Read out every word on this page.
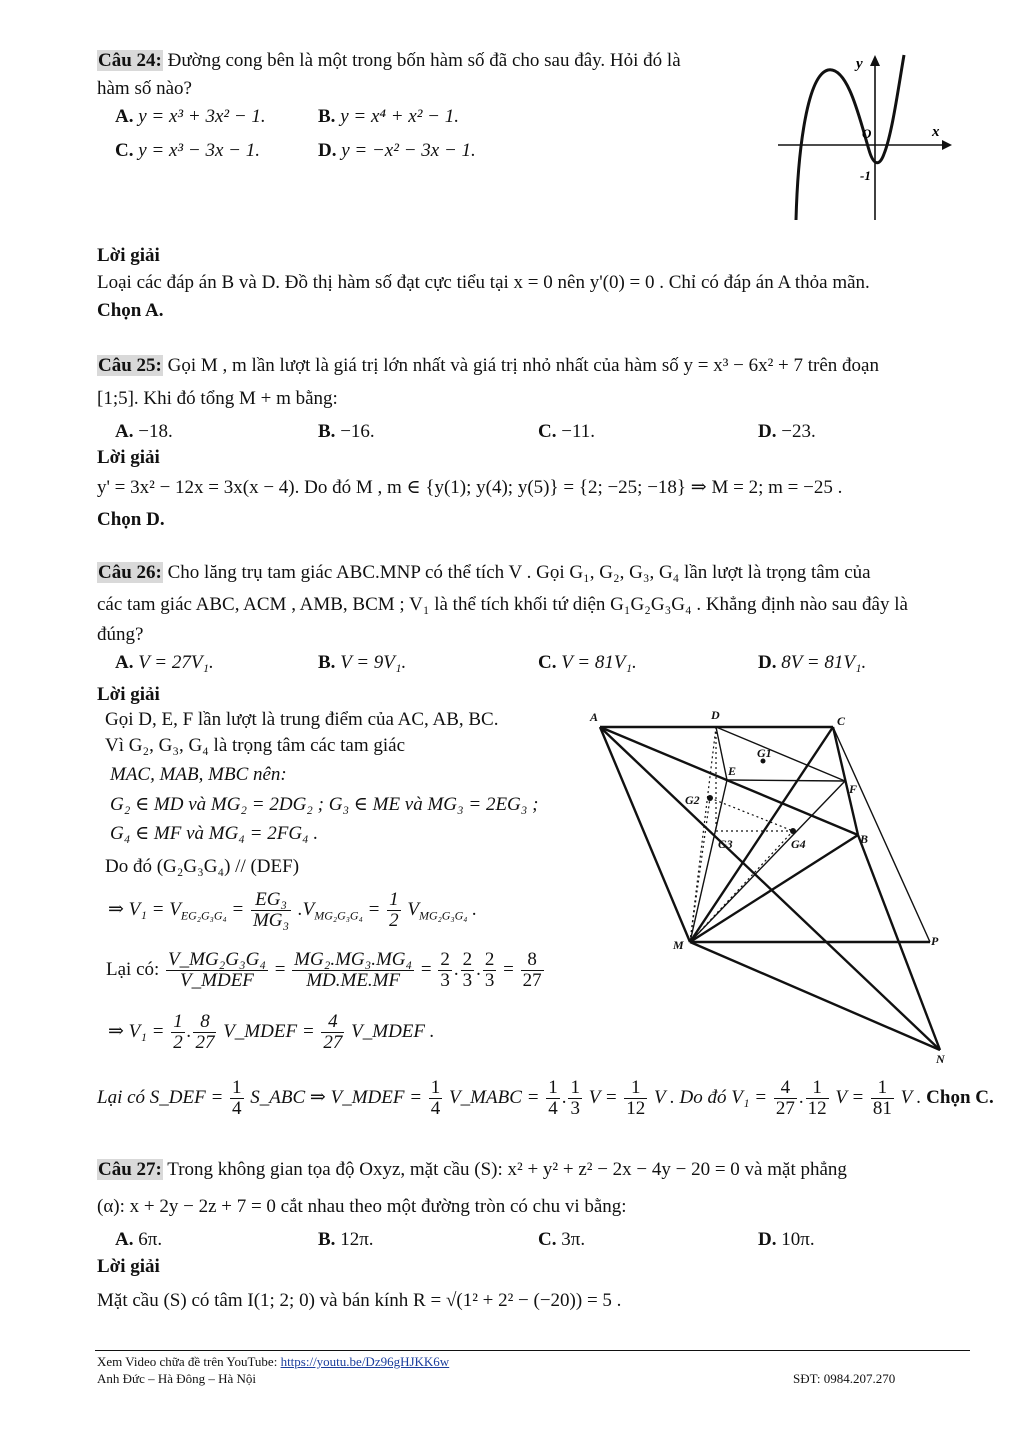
Câu 24: Đường cong bên là một trong bốn hàm số đã cho sau đây. Hỏi đó là
hàm số nào?
A. y = x³ + 3x² − 1.	B. y = x⁴ + x² − 1.
C. y = x³ − 3x − 1.	D. y = −x² − 3x − 1.
y
x
O
-1
Lời giải
Loại các đáp án B và D. Đồ thị hàm số đạt cực tiểu tại x = 0 nên y'(0) = 0 . Chỉ có đáp án A thỏa mãn.
Chọn A.
Câu 25: Gọi M , m lần lượt là giá trị lớn nhất và giá trị nhỏ nhất của hàm số y = x³ − 6x² + 7 trên đoạn
[1;5]. Khi đó tổng M + m bằng:
A. −18.	B. −16.	C. −11.	D. −23.
Lời giải
y' = 3x² − 12x = 3x(x − 4). Do đó M , m ∈ {y(1); y(4); y(5)} = {2; −25; −18} ⇒ M = 2; m = −25 .
Chọn D.
Câu 26: Cho lăng trụ tam giác ABC.MNP có thể tích V . Gọi G₁, G₂, G₃, G₄ lần lượt là trọng tâm của
các tam giác ABC, ACM , AMB, BCM ; V₁ là thể tích khối tứ diện G₁G₂G₃G₄ . Khẳng định nào sau đây là
đúng?
A. V = 27V₁.	B. V = 9V₁.	C. V = 81V₁.	D. 8V = 81V₁.
Lời giải
Gọi D, E, F lần lượt là trung điểm của AC, AB, BC.
Vì G₂, G₃, G₄ là trọng tâm các tam giác
MAC, MAB, MBC nên:
G₂ ∈ MD và MG₂ = 2DG₂ ; G₃ ∈ ME và MG₃ = 2EG₃ ;
G₄ ∈ MF và MG₄ = 2FG₄ .
Do đó (G₂G₃G₄) // (DEF)
⇒ $V_1 = V_{EG_2G_3G_4} = \frac{\text{EG₃}}{\text{MG₃}} .V_{MG_2G_3G_4} = \frac{1}{2} V_{MG_2G_3G_4}$ .
Lại có: $\frac{\text{V\_MG₂G₃G₄}}{\text{V\_MDEF}} = \frac{\text{MG₂.MG₃.MG₄}}{MD.ME.MF} = \frac{2}{3}$ . $\frac{2}{3}$ . $\frac{2}{3} = \frac{8}{27}$
⇒ $V_1 = \frac{1}{2}$ . $\frac{8}{27}$ V_MDEF = $\frac{4}{27}$ V_MDEF .
A	D	C
G1
E
F
G2
G3	G4	B
M	P
N
Lại có S_DEF = $\frac{1}{4}$ S_ABC ⇒ V_MDEF = $\frac{1}{4}$ V_MABC = $\frac{1}{4}$ . $\frac{1}{3}$ $V = \frac{1}{12}$ V . Do đó $V_1 = \frac{4}{27}$ . $\frac{1}{12}$ $V = \frac{1}{81}$ V . Chọn C.
Câu 27: Trong không gian tọa độ Oxyz, mặt cầu (S): x² + y² + z² − 2x − 4y − 20 = 0 và mặt phẳng
(α): x + 2y − 2z + 7 = 0 cắt nhau theo một đường tròn có chu vi bằng:
A. 6π.	B. 12π.	C. 3π.	D. 10π.
Lời giải
Mặt cầu (S) có tâm I(1; 2; 0) và bán kính R = √(1² + 2² − (−20)) = 5 .
Xem Video chữa đề trên YouTube: https://youtu.be/Dz96gHJKK6w
Anh Đức – Hà Đông – Hà Nội	SĐT: 0984.207.270
